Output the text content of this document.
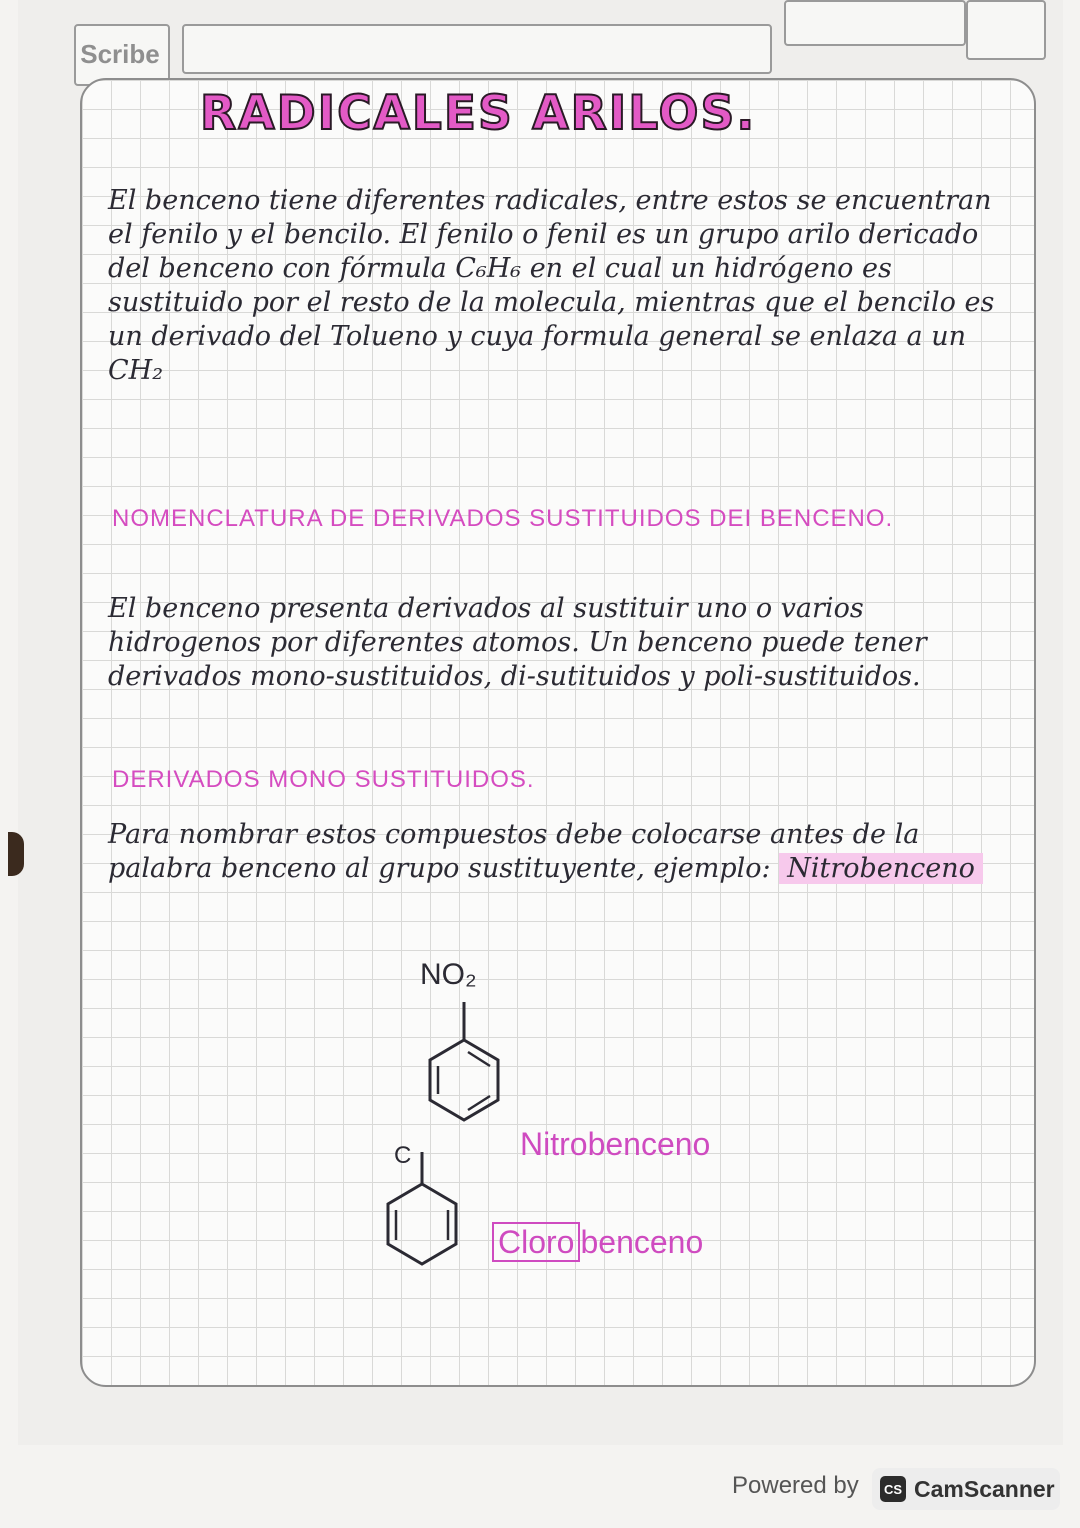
Scribe
RADICALES ARILOS.
El benceno tiene diferentes radicales, entre estos se encuentran el fenilo y el bencilo. El fenilo o fenil es un grupo arilo dericado del benceno con fórmula C₆H₆ en el cual un hidrógeno es sustituido por el resto de la molecula, mientras que el bencilo es un derivado del Tolueno y cuya formula general se enlaza a un CH₂
NOMENCLATURA DE DERIVADOS SUSTITUIDOS DEI BENCENO.
El benceno presenta derivados al sustituir uno o varios hidrogenos por diferentes atomos. Un benceno puede tener derivados mono-sustituidos, di-sutituidos y poli-sustituidos.
DERIVADOS MONO SUSTITUIDOS.
Para nombrar estos compuestos debe colocarse antes de la palabra benceno al grupo sustituyente, ejemplo: Nitrobenceno
NO₂
Nitrobenceno
C
Cloro benceno
Powered by	CS CamScanner
